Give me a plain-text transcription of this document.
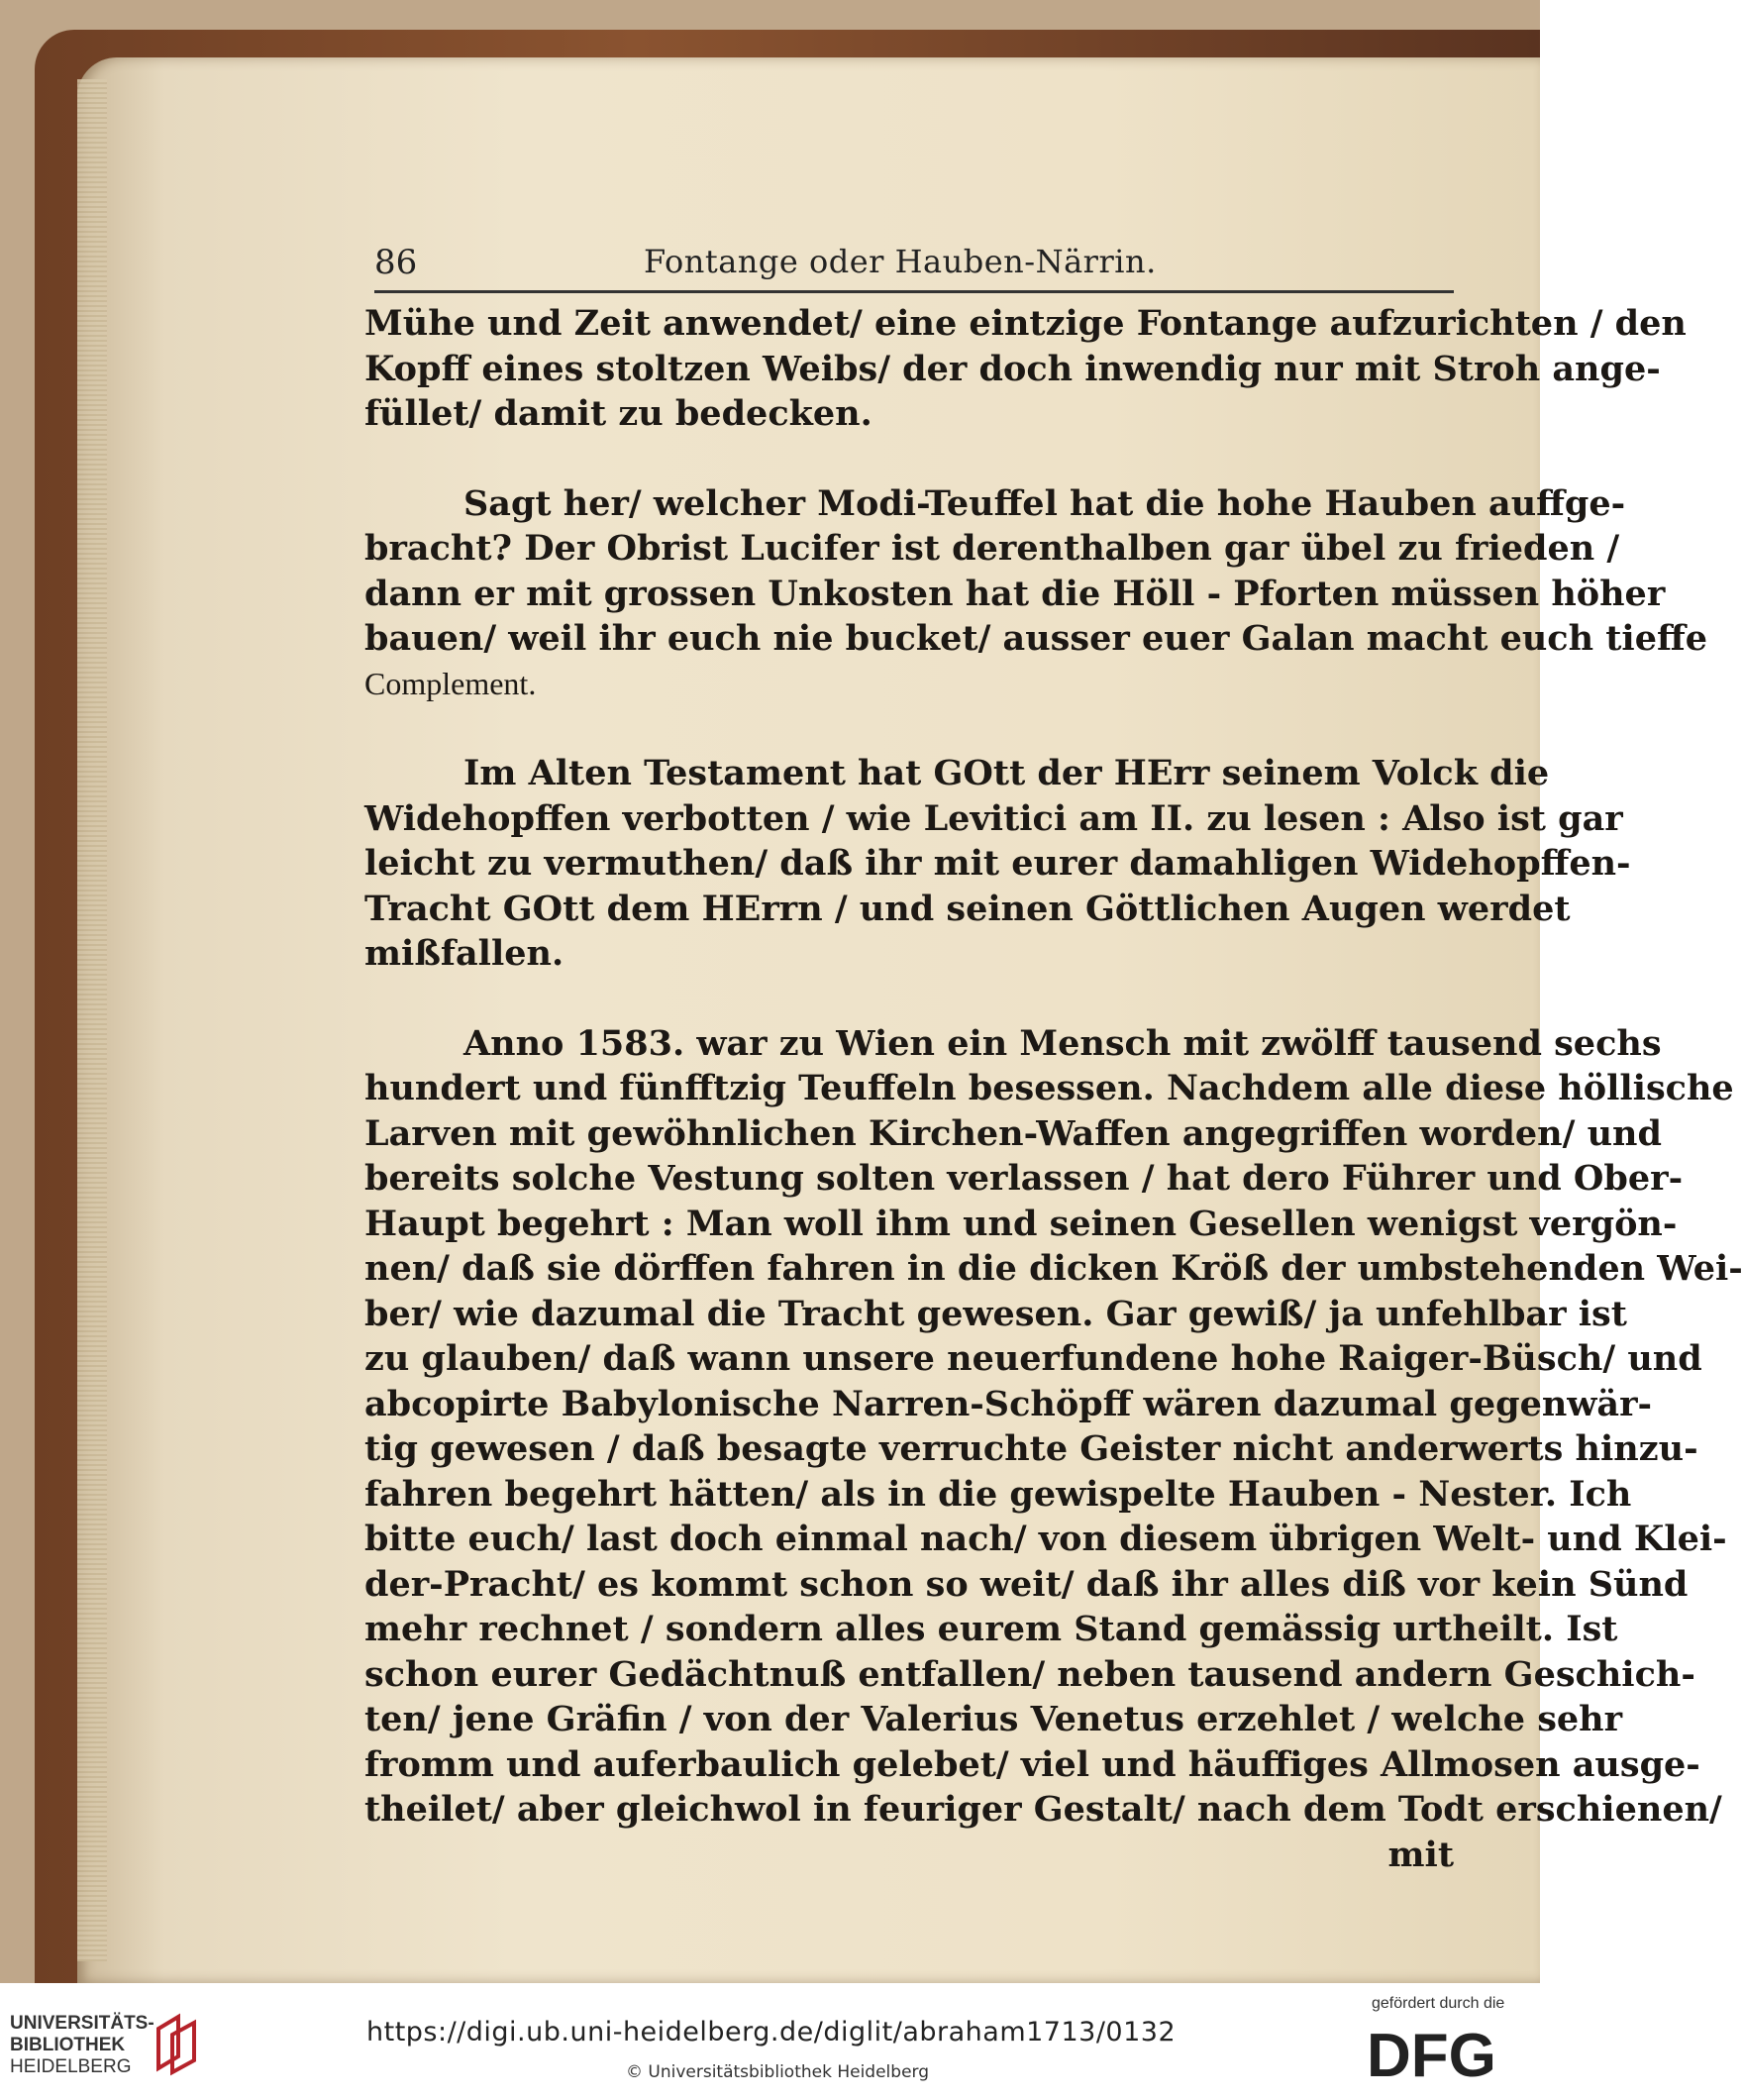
86	Fontange oder Hauben-Närrin.
Mühe und Zeit anwendet/ eine eintzige Fontange aufzurichten / den
Kopff eines stoltzen Weibs/ der doch inwendig nur mit Stroh ange-
füllet/ damit zu bedecken.
Sagt her/ welcher Modi-Teuffel hat die hohe Hauben auffge-
bracht? Der Obrist Lucifer ist derenthalben gar übel zu frieden /
dann er mit grossen Unkosten hat die Höll - Pforten müssen höher
bauen/ weil ihr euch nie bucket/ ausser euer Galan macht euch tieffe
Complement.
Im Alten Testament hat GOtt der HErr seinem Volck die
Widehopffen verbotten / wie Levitici am II. zu lesen : Also ist gar
leicht zu vermuthen/ daß ihr mit eurer damahligen Widehopffen-
Tracht GOtt dem HErrn / und seinen Göttlichen Augen werdet
mißfallen.
Anno 1583. war zu Wien ein Mensch mit zwölff tausend sechs
hundert und fünfftzig Teuffeln besessen. Nachdem alle diese höllische
Larven mit gewöhnlichen Kirchen-Waffen angegriffen worden/ und
bereits solche Vestung solten verlassen / hat dero Führer und Ober-
Haupt begehrt : Man woll ihm und seinen Gesellen wenigst vergön-
nen/ daß sie dörffen fahren in die dicken Kröß der umbstehenden Wei-
ber/ wie dazumal die Tracht gewesen. Gar gewiß/ ja unfehlbar ist
zu glauben/ daß wann unsere neuerfundene hohe Raiger-Büsch/ und
abcopirte Babylonische Narren-Schöpff wären dazumal gegenwär-
tig gewesen / daß besagte verruchte Geister nicht anderwerts hinzu-
fahren begehrt hätten/ als in die gewispelte Hauben - Nester. Ich
bitte euch/ last doch einmal nach/ von diesem übrigen Welt- und Klei-
der-Pracht/ es kommt schon so weit/ daß ihr alles diß vor kein Sünd
mehr rechnet / sondern alles eurem Stand gemässig urtheilt. Ist
schon eurer Gedächtnuß entfallen/ neben tausend andern Geschich-
ten/ jene Gräfin / von der Valerius Venetus erzehlet / welche sehr
fromm und auferbaulich gelebet/ viel und häuffiges Allmosen ausge-
theilet/ aber gleichwol in feuriger Gestalt/ nach dem Todt erschienen/
mit
UNIVERSITÄTS-
BIBLIOTHEK
HEIDELBERG
https://digi.ub.uni-heidelberg.de/diglit/abraham1713/0132
© Universitätsbibliothek Heidelberg
gefördert durch die
DFG
